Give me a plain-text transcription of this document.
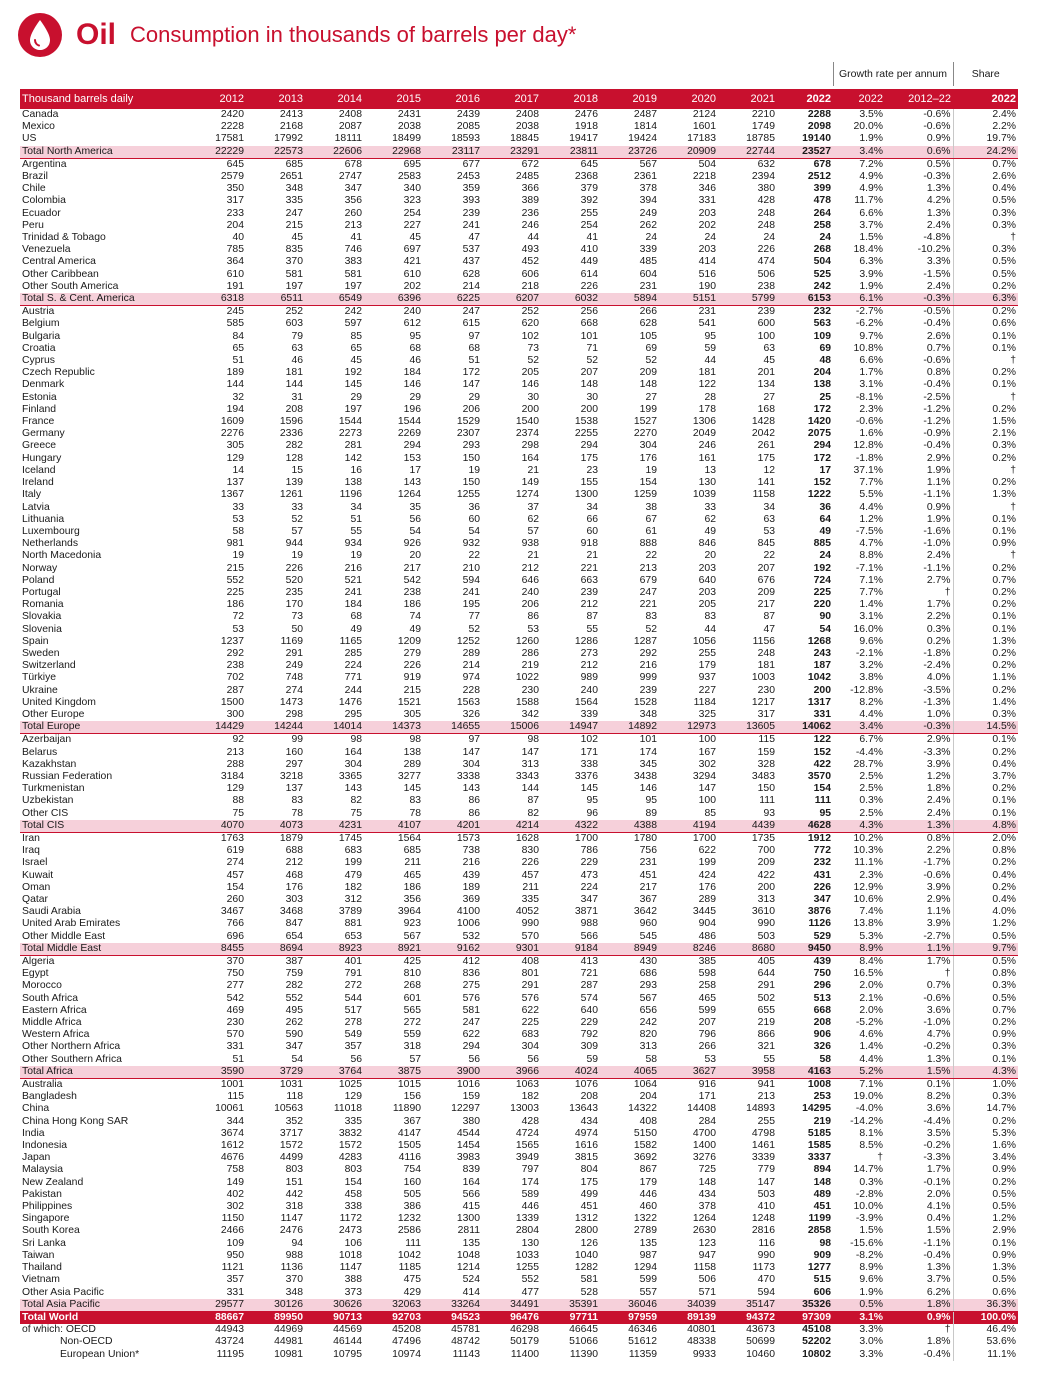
Oil Consumption in thousands of barrels per day*
												Growth rate per annum		Share

Thousand barrels daily	2012	2013	2014	2015	2016	2017	2018	2019	2020	2021	2022	2022	2012–22	2022
Canada	2420	2413	2408	2431	2439	2408	2476	2487	2124	2210	2288	3.5%	-0.6%	2.4%
Mexico	2228	2168	2087	2038	2085	2038	1918	1814	1601	1749	2098	20.0%	-0.6%	2.2%
US	17581	17992	18111	18499	18593	18845	19417	19424	17183	18785	19140	1.9%	0.9%	19.7%
Total North America	22229	22573	22606	22968	23117	23291	23811	23726	20909	22744	23527	3.4%	0.6%	24.2%
Argentina	645	685	678	695	677	672	645	567	504	632	678	7.2%	0.5%	0.7%
Brazil	2579	2651	2747	2583	2453	2485	2368	2361	2218	2394	2512	4.9%	-0.3%	2.6%
Chile	350	348	347	340	359	366	379	378	346	380	399	4.9%	1.3%	0.4%
Colombia	317	335	356	323	393	389	392	394	331	428	478	11.7%	4.2%	0.5%
Ecuador	233	247	260	254	239	236	255	249	203	248	264	6.6%	1.3%	0.3%
Peru	204	215	213	227	241	246	254	262	202	248	258	3.7%	2.4%	0.3%
Trinidad & Tobago	40	45	41	45	47	44	41	24	24	24	24	1.5%	-4.8%	†
Venezuela	785	835	746	697	537	493	410	339	203	226	268	18.4%	-10.2%	0.3%
Central America	364	370	383	421	437	452	449	485	414	474	504	6.3%	3.3%	0.5%
Other Caribbean	610	581	581	610	628	606	614	604	516	506	525	3.9%	-1.5%	0.5%
Other South America	191	197	197	202	214	218	226	231	190	238	242	1.9%	2.4%	0.2%
Total S. & Cent. America	6318	6511	6549	6396	6225	6207	6032	5894	5151	5799	6153	6.1%	-0.3%	6.3%
Austria	245	252	242	240	247	252	256	266	231	239	232	-2.7%	-0.5%	0.2%
Belgium	585	603	597	612	615	620	668	628	541	600	563	-6.2%	-0.4%	0.6%
Bulgaria	84	79	85	95	97	102	101	105	95	100	109	9.7%	2.6%	0.1%
Croatia	65	63	65	68	68	73	71	69	59	63	69	10.8%	0.7%	0.1%
Cyprus	51	46	45	46	51	52	52	52	44	45	48	6.6%	-0.6%	†
Czech Republic	189	181	192	184	172	205	207	209	181	201	204	1.7%	0.8%	0.2%
Denmark	144	144	145	146	147	146	148	148	122	134	138	3.1%	-0.4%	0.1%
Estonia	32	31	29	29	29	30	30	27	28	27	25	-8.1%	-2.5%	†
Finland	194	208	197	196	206	200	200	199	178	168	172	2.3%	-1.2%	0.2%
France	1609	1596	1544	1544	1529	1540	1538	1527	1306	1428	1420	-0.6%	-1.2%	1.5%
Germany	2276	2336	2273	2269	2307	2374	2255	2270	2049	2042	2075	1.6%	-0.9%	2.1%
Greece	305	282	281	294	293	298	294	304	246	261	294	12.8%	-0.4%	0.3%
Hungary	129	128	142	153	150	164	175	176	161	175	172	-1.8%	2.9%	0.2%
Iceland	14	15	16	17	19	21	23	19	13	12	17	37.1%	1.9%	†
Ireland	137	139	138	143	150	149	155	154	130	141	152	7.7%	1.1%	0.2%
Italy	1367	1261	1196	1264	1255	1274	1300	1259	1039	1158	1222	5.5%	-1.1%	1.3%
Latvia	33	33	34	35	36	37	34	38	33	34	36	4.4%	0.9%	†
Lithuania	53	52	51	56	60	62	66	67	62	63	64	1.2%	1.9%	0.1%
Luxembourg	58	57	55	54	54	57	60	61	49	53	49	-7.5%	-1.6%	0.1%
Netherlands	981	944	934	926	932	938	918	888	846	845	885	4.7%	-1.0%	0.9%
North Macedonia	19	19	19	20	22	21	21	22	20	22	24	8.8%	2.4%	†
Norway	215	226	216	217	210	212	221	213	203	207	192	-7.1%	-1.1%	0.2%
Poland	552	520	521	542	594	646	663	679	640	676	724	7.1%	2.7%	0.7%
Portugal	225	235	241	238	241	240	239	247	203	209	225	7.7%	†	0.2%
Romania	186	170	184	186	195	206	212	221	205	217	220	1.4%	1.7%	0.2%
Slovakia	72	73	68	74	77	86	87	83	83	87	90	3.1%	2.2%	0.1%
Slovenia	53	50	49	49	52	53	55	52	44	47	54	16.0%	0.3%	0.1%
Spain	1237	1169	1165	1209	1252	1260	1286	1287	1056	1156	1268	9.6%	0.2%	1.3%
Sweden	292	291	285	279	289	286	273	292	255	248	243	-2.1%	-1.8%	0.2%
Switzerland	238	249	224	226	214	219	212	216	179	181	187	3.2%	-2.4%	0.2%
Türkiye	702	748	771	919	974	1022	989	999	937	1003	1042	3.8%	4.0%	1.1%
Ukraine	287	274	244	215	228	230	240	239	227	230	200	-12.8%	-3.5%	0.2%
United Kingdom	1500	1473	1476	1521	1563	1588	1564	1528	1184	1217	1317	8.2%	-1.3%	1.4%
Other Europe	300	298	295	305	326	342	339	348	325	317	331	4.4%	1.0%	0.3%
Total Europe	14429	14244	14014	14373	14655	15006	14947	14892	12973	13605	14062	3.4%	-0.3%	14.5%
Azerbaijan	92	99	98	98	97	98	102	101	100	115	122	6.7%	2.9%	0.1%
Belarus	213	160	164	138	147	147	171	174	167	159	152	-4.4%	-3.3%	0.2%
Kazakhstan	288	297	304	289	304	313	338	345	302	328	422	28.7%	3.9%	0.4%
Russian Federation	3184	3218	3365	3277	3338	3343	3376	3438	3294	3483	3570	2.5%	1.2%	3.7%
Turkmenistan	129	137	143	145	143	144	145	146	147	150	154	2.5%	1.8%	0.2%
Uzbekistan	88	83	82	83	86	87	95	95	100	111	111	0.3%	2.4%	0.1%
Other CIS	75	78	75	78	86	82	96	89	85	93	95	2.5%	2.4%	0.1%
Total CIS	4070	4073	4231	4107	4201	4214	4322	4388	4194	4439	4628	4.3%	1.3%	4.8%
Iran	1763	1879	1745	1564	1573	1628	1700	1780	1700	1735	1912	10.2%	0.8%	2.0%
Iraq	619	688	683	685	738	830	786	756	622	700	772	10.3%	2.2%	0.8%
Israel	274	212	199	211	216	226	229	231	199	209	232	11.1%	-1.7%	0.2%
Kuwait	457	468	479	465	439	457	473	451	424	422	431	2.3%	-0.6%	0.4%
Oman	154	176	182	186	189	211	224	217	176	200	226	12.9%	3.9%	0.2%
Qatar	260	303	312	356	369	335	347	367	289	313	347	10.6%	2.9%	0.4%
Saudi Arabia	3467	3468	3789	3964	4100	4052	3871	3642	3445	3610	3876	7.4%	1.1%	4.0%
United Arab Emirates	766	847	881	923	1006	990	988	960	904	990	1126	13.8%	3.9%	1.2%
Other Middle East	696	654	653	567	532	570	566	545	486	503	529	5.3%	-2.7%	0.5%
Total Middle East	8455	8694	8923	8921	9162	9301	9184	8949	8246	8680	9450	8.9%	1.1%	9.7%
Algeria	370	387	401	425	412	408	413	430	385	405	439	8.4%	1.7%	0.5%
Egypt	750	759	791	810	836	801	721	686	598	644	750	16.5%	†	0.8%
Morocco	277	282	272	268	275	291	287	293	258	291	296	2.0%	0.7%	0.3%
South Africa	542	552	544	601	576	576	574	567	465	502	513	2.1%	-0.6%	0.5%
Eastern Africa	469	495	517	565	581	622	640	656	599	655	668	2.0%	3.6%	0.7%
Middle Africa	230	262	278	272	247	225	229	242	207	219	208	-5.2%	-1.0%	0.2%
Western Africa	570	590	549	559	622	683	792	820	796	866	906	4.6%	4.7%	0.9%
Other Northern Africa	331	347	357	318	294	304	309	313	266	321	326	1.4%	-0.2%	0.3%
Other Southern Africa	51	54	56	57	56	56	59	58	53	55	58	4.4%	1.3%	0.1%
Total Africa	3590	3729	3764	3875	3900	3966	4024	4065	3627	3958	4163	5.2%	1.5%	4.3%
Australia	1001	1031	1025	1015	1016	1063	1076	1064	916	941	1008	7.1%	0.1%	1.0%
Bangladesh	115	118	129	156	159	182	208	204	171	213	253	19.0%	8.2%	0.3%
China	10061	10563	11018	11890	12297	13003	13643	14322	14408	14893	14295	-4.0%	3.6%	14.7%
China Hong Kong SAR	344	352	335	367	380	428	434	408	284	255	219	-14.2%	-4.4%	0.2%
India	3674	3717	3832	4147	4544	4724	4974	5150	4700	4798	5185	8.1%	3.5%	5.3%
Indonesia	1612	1572	1572	1505	1454	1565	1616	1582	1400	1461	1585	8.5%	-0.2%	1.6%
Japan	4676	4499	4283	4116	3983	3949	3815	3692	3276	3339	3337	†	-3.3%	3.4%
Malaysia	758	803	803	754	839	797	804	867	725	779	894	14.7%	1.7%	0.9%
New Zealand	149	151	154	160	164	174	175	179	148	147	148	0.3%	-0.1%	0.2%
Pakistan	402	442	458	505	566	589	499	446	434	503	489	-2.8%	2.0%	0.5%
Philippines	302	318	338	386	415	446	451	460	378	410	451	10.0%	4.1%	0.5%
Singapore	1150	1147	1172	1232	1300	1339	1312	1322	1264	1248	1199	-3.9%	0.4%	1.2%
South Korea	2466	2476	2473	2586	2811	2804	2800	2789	2630	2816	2858	1.5%	1.5%	2.9%
Sri Lanka	109	94	106	111	135	130	126	135	123	116	98	-15.6%	-1.1%	0.1%
Taiwan	950	988	1018	1042	1048	1033	1040	987	947	990	909	-8.2%	-0.4%	0.9%
Thailand	1121	1136	1147	1185	1214	1255	1282	1294	1158	1173	1277	8.9%	1.3%	1.3%
Vietnam	357	370	388	475	524	552	581	599	506	470	515	9.6%	3.7%	0.5%
Other Asia Pacific	331	348	373	429	414	477	528	557	571	594	606	1.9%	6.2%	0.6%
Total Asia Pacific	29577	30126	30626	32063	33264	34491	35391	36046	34039	35147	35326	0.5%	1.8%	36.3%
Total World	88667	89950	90713	92703	94523	96476	97711	97959	89139	94372	97309	3.1%	0.9%	100.0%
of which: OECD	44943	44969	44569	45208	45781	46298	46645	46346	40801	43673	45108	3.3%	†	46.4%
Non-OECD	43724	44981	46144	47496	48742	50179	51066	51612	48338	50699	52202	3.0%	1.8%	53.6%
European Union*	11195	10981	10795	10974	11143	11400	11390	11359	9933	10460	10802	3.3%	-0.4%	11.1%
